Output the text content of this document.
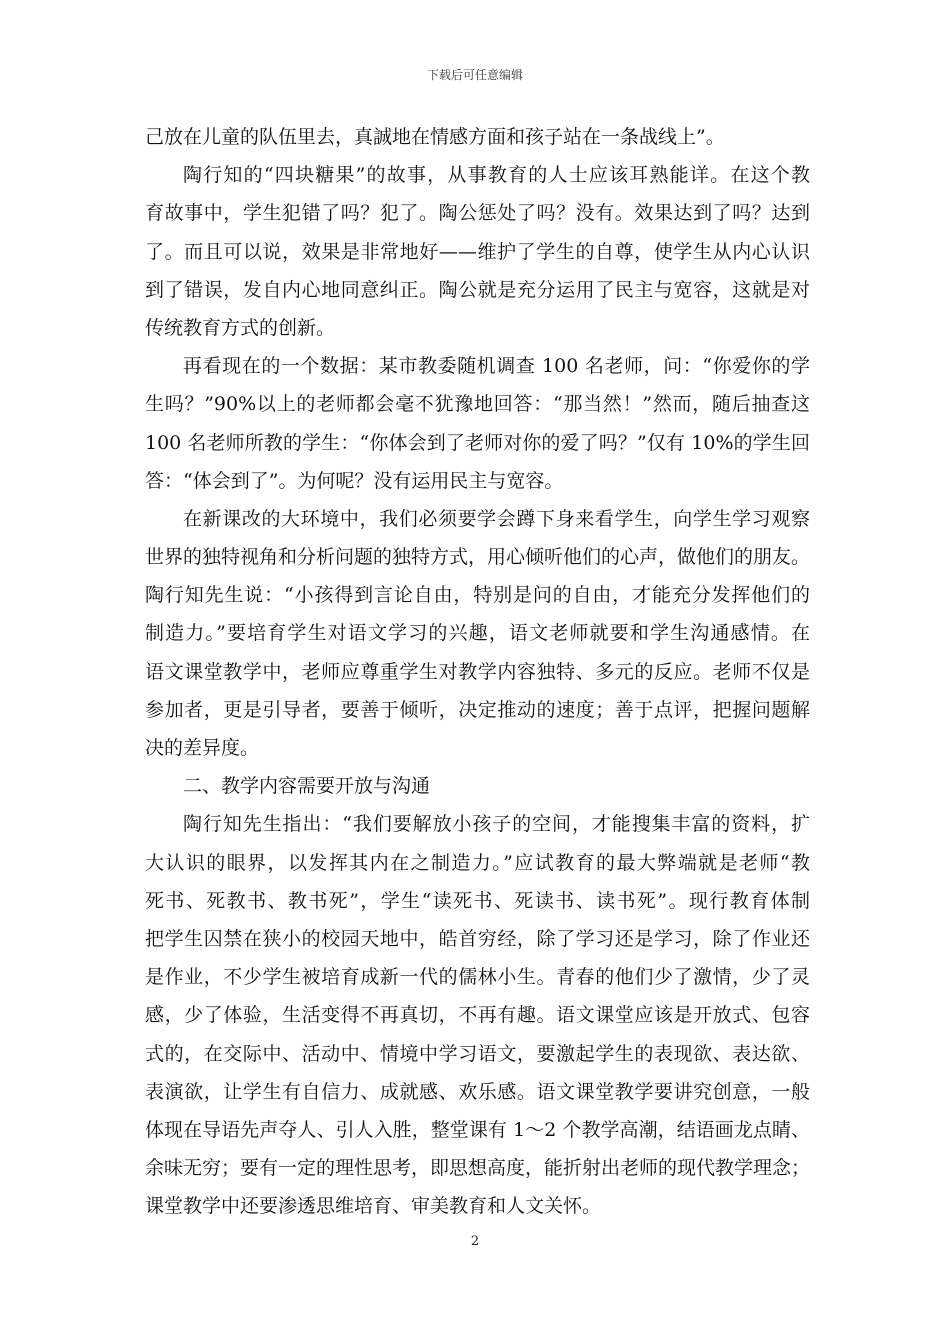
下载后可任意编辑
己放在儿童的队伍里去，真誠地在情感方面和孩子站在一条战线上”。
陶行知的“四块糖果”的故事，从事教育的人士应该耳熟能详。在这个教
育故事中，学生犯错了吗？犯了。陶公惩处了吗？没有。效果达到了吗？达到
了。而且可以说，效果是非常地好——维护了学生的自尊，使学生从内心认识
到了错误，发自内心地同意纠正。陶公就是充分运用了民主与宽容，这就是对
传统教育方式的创新。
再看现在的一个数据：某市教委随机调查 100 名老师，问：“你爱你的学
生吗？”90%以上的老师都会毫不犹豫地回答：“那当然！”然而，随后抽查这
100 名老师所教的学生：“你体会到了老师对你的爱了吗？”仅有 10%的学生回
答：“体会到了”。为何呢？没有运用民主与宽容。
在新课改的大环境中，我们必须要学会蹲下身来看学生，向学生学习观察
世界的独特视角和分析问题的独特方式，用心倾听他们的心声，做他们的朋友。
陶行知先生说：“小孩得到言论自由，特别是问的自由，才能充分发挥他们的
制造力。”要培育学生对语文学习的兴趣，语文老师就要和学生沟通感情。在
语文课堂教学中，老师应尊重学生对教学内容独特、多元的反应。老师不仅是
参加者，更是引导者，要善于倾听，决定推动的速度；善于点评，把握问题解
决的差异度。
二、教学内容需要开放与沟通
陶行知先生指出：“我们要解放小孩子的空间，才能搜集丰富的资料，扩
大认识的眼界，以发挥其内在之制造力。”应试教育的最大弊端就是老师“教
死书、死教书、教书死”，学生“读死书、死读书、读书死”。现行教育体制
把学生囚禁在狭小的校园天地中，皓首穷经，除了学习还是学习，除了作业还
是作业，不少学生被培育成新一代的儒林小生。青春的他们少了激情，少了灵
感，少了体验，生活变得不再真切，不再有趣。语文课堂应该是开放式、包容
式的，在交际中、活动中、情境中学习语文，要激起学生的表现欲、表达欲、
表演欲，让学生有自信力、成就感、欢乐感。语文课堂教学要讲究创意，一般
体现在导语先声夺人、引人入胜，整堂课有 1～2 个教学高潮，结语画龙点睛、
余味无穷；要有一定的理性思考，即思想高度，能折射出老师的现代教学理念；
课堂教学中还要渗透思维培育、审美教育和人文关怀。
2
